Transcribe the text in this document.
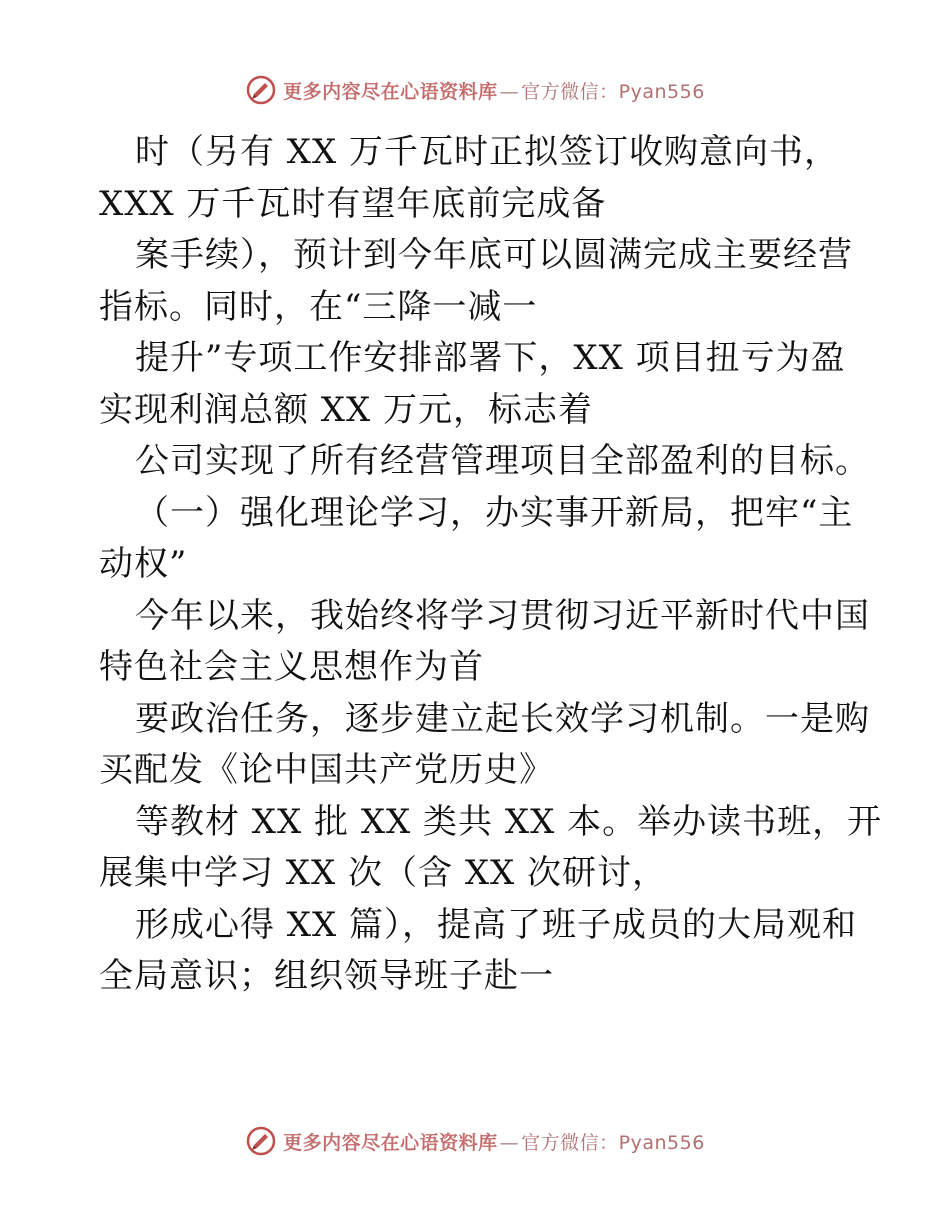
更多内容尽在心语资料库 — 官方微信：Pyan556
时（另有 XX 万千瓦时正拟签订收购意向书，
XXX 万千瓦时有望年底前完成备
案手续），预计到今年底可以圆满完成主要经营
指标。同时，在“三降一减一
提升”专项工作安排部署下，XX 项目扭亏为盈
实现利润总额 XX 万元，标志着
公司实现了所有经营管理项目全部盈利的目标。
（一）强化理论学习，办实事开新局，把牢“主
动权”
今年以来，我始终将学习贯彻习近平新时代中国
特色社会主义思想作为首
要政治任务，逐步建立起长效学习机制。一是购
买配发《论中国共产党历史》
等教材 XX 批 XX 类共 XX 本。举办读书班，开
展集中学习 XX 次（含 XX 次研讨，
形成心得 XX 篇），提高了班子成员的大局观和
全局意识；组织领导班子赴一
更多内容尽在心语资料库 — 官方微信：Pyan556
